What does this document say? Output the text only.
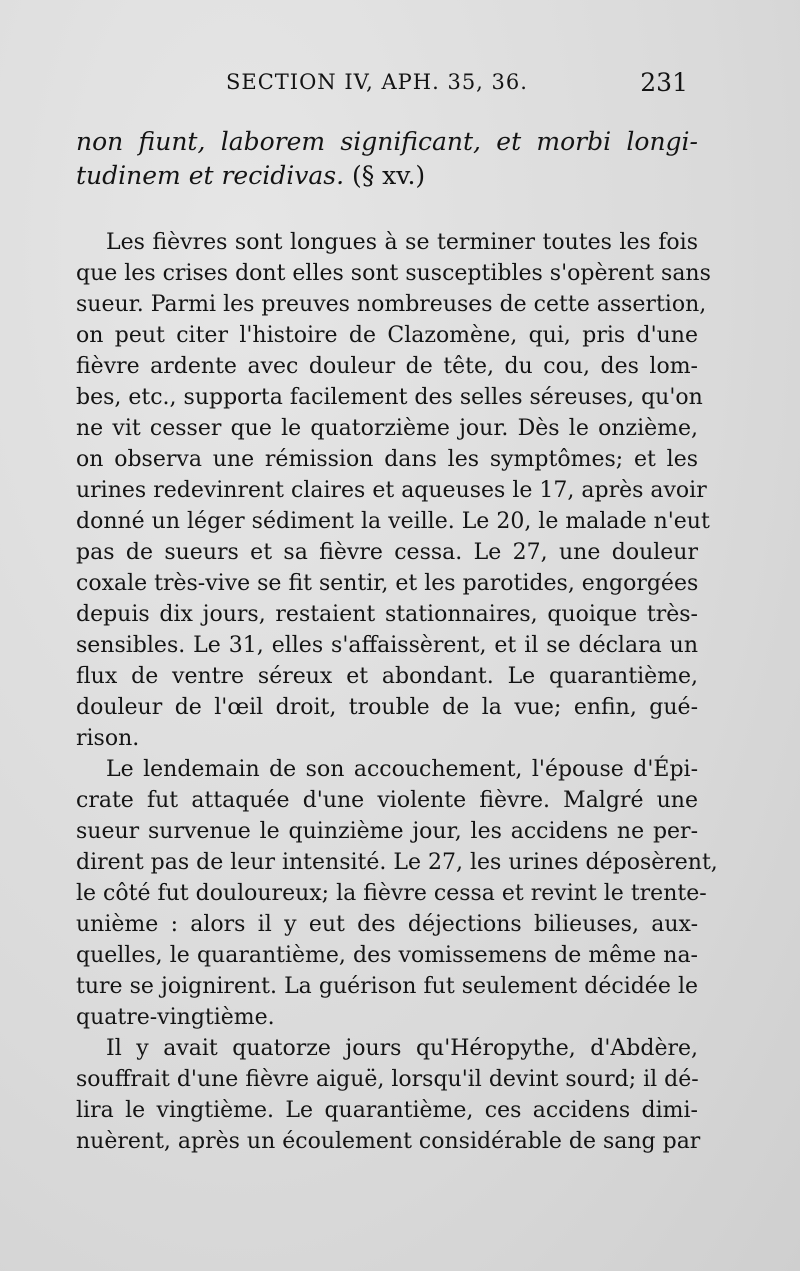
SECTION IV, APH. 35, 36.	231
non fiunt, laborem significant, et morbi longi-
tudinem et recidivas. (§ xv.)
Les fièvres sont longues à se terminer toutes les fois
que les crises dont elles sont susceptibles s'opèrent sans
sueur. Parmi les preuves nombreuses de cette assertion,
on peut citer l'histoire de Clazomène, qui, pris d'une
fièvre ardente avec douleur de tête, du cou, des lom-
bes, etc., supporta facilement des selles séreuses, qu'on
ne vit cesser que le quatorzième jour. Dès le onzième,
on observa une rémission dans les symptômes; et les
urines redevinrent claires et aqueuses le 17, après avoir
donné un léger sédiment la veille. Le 20, le malade n'eut
pas de sueurs et sa fièvre cessa. Le 27, une douleur
coxale très-vive se fit sentir, et les parotides, engorgées
depuis dix jours, restaient stationnaires, quoique très-
sensibles. Le 31, elles s'affaissèrent, et il se déclara un
flux de ventre séreux et abondant. Le quarantième,
douleur de l'œil droit, trouble de la vue; enfin, gué-
rison.
Le lendemain de son accouchement, l'épouse d'Épi-
crate fut attaquée d'une violente fièvre. Malgré une
sueur survenue le quinzième jour, les accidens ne per-
dirent pas de leur intensité. Le 27, les urines déposèrent,
le côté fut douloureux; la fièvre cessa et revint le trente-
unième : alors il y eut des déjections bilieuses, aux-
quelles, le quarantième, des vomissemens de même na-
ture se joignirent. La guérison fut seulement décidée le
quatre-vingtième.
Il y avait quatorze jours qu'Héropythe, d'Abdère,
souffrait d'une fièvre aiguë, lorsqu'il devint sourd; il dé-
lira le vingtième. Le quarantième, ces accidens dimi-
nuèrent, après un écoulement considérable de sang par
